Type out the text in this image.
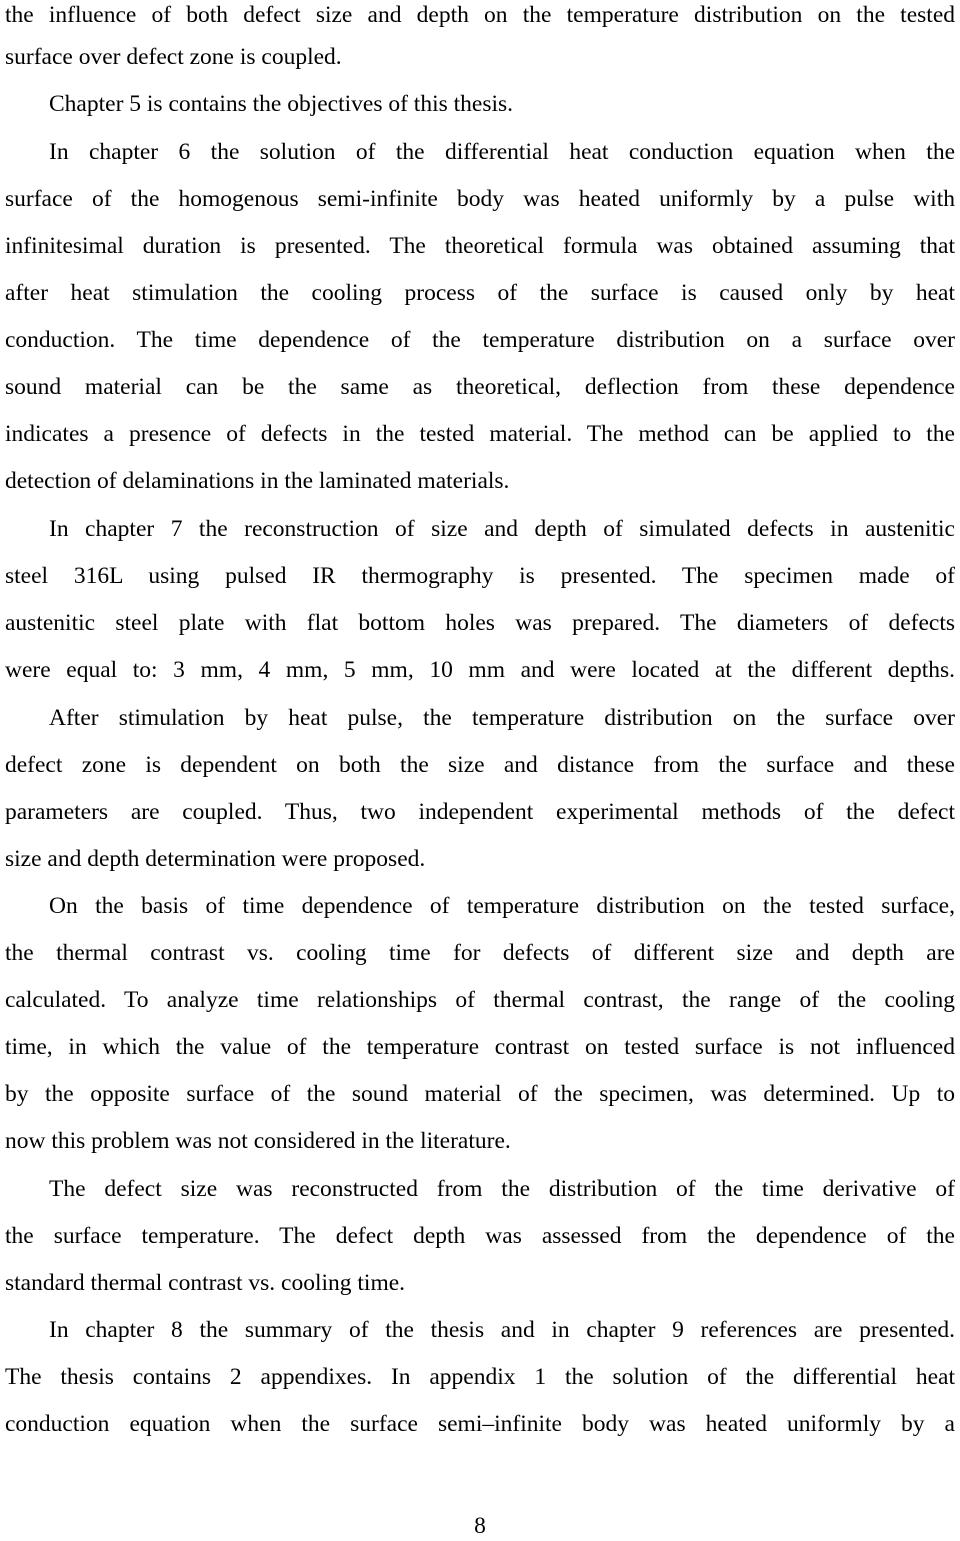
the influence of both defect size and depth on the temperature distribution on the tested
surface over defect zone is coupled.
Chapter 5 is contains the objectives of this thesis.
In chapter 6 the solution of the differential heat conduction equation when the
surface of the homogenous semi-infinite body was heated uniformly by a pulse with
infinitesimal duration is presented. The theoretical formula was obtained assuming that
after heat stimulation the cooling process of the surface is caused only by heat
conduction. The time dependence of the temperature distribution on a surface over
sound material can be the same as theoretical, deflection from these dependence
indicates a presence of defects in the tested material. The method can be applied to the
detection of delaminations in the laminated materials.
In chapter 7 the reconstruction of size and depth of simulated defects in austenitic
steel 316L using pulsed IR thermography is presented. The specimen made of
austenitic steel plate with flat bottom holes was prepared. The diameters of defects
were equal to: 3 mm, 4 mm, 5 mm, 10 mm and were located at the different depths.
After stimulation by heat pulse, the temperature distribution on the surface over
defect zone is dependent on both the size and distance from the surface and these
parameters are coupled. Thus, two independent experimental methods of the defect
size and depth determination were proposed.
On the basis of time dependence of temperature distribution on the tested surface,
the thermal contrast vs. cooling time for defects of different size and depth are
calculated. To analyze time relationships of thermal contrast, the range of the cooling
time, in which the value of the temperature contrast on tested surface is not influenced
by the opposite surface of the sound material of the specimen, was determined. Up to
now this problem was not considered in the literature.
The defect size was reconstructed from the distribution of the time derivative of
the surface temperature. The defect depth was assessed from the dependence of the
standard thermal contrast vs. cooling time.
In chapter 8 the summary of the thesis and in chapter 9 references are presented.
The thesis contains 2 appendixes. In appendix 1 the solution of the differential heat
conduction equation when the surface semi–infinite body was heated uniformly by a
8
